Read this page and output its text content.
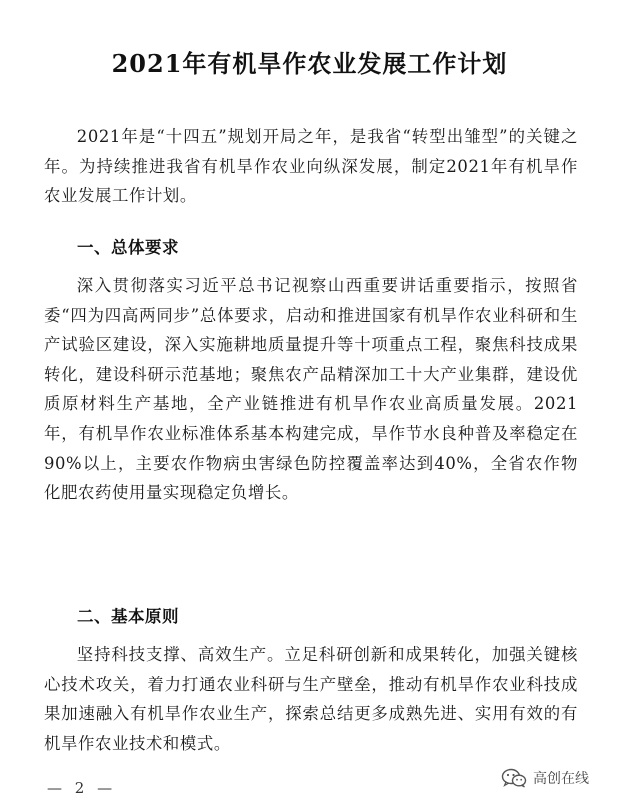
2021年有机旱作农业发展工作计划
2021年是“十四五”规划开局之年，是我省“转型出雏型”的关键之年。为持续推进我省有机旱作农业向纵深发展，制定2021年有机旱作农业发展工作计划。
一、总体要求
深入贯彻落实习近平总书记视察山西重要讲话重要指示，按照省委“四为四高两同步”总体要求，启动和推进国家有机旱作农业科研和生产试验区建设，深入实施耕地质量提升等十项重点工程，聚焦科技成果转化，建设科研示范基地；聚焦农产品精深加工十大产业集群，建设优质原材料生产基地，全产业链推进有机旱作农业高质量发展。2021年，有机旱作农业标准体系基本构建完成，旱作节水良种普及率稳定在90%以上，主要农作物病虫害绿色防控覆盖率达到40%，全省农作物化肥农药使用量实现稳定负增长。
二、基本原则
坚持科技支撑、高效生产。立足科研创新和成果转化，加强关键核心技术攻关，着力打通农业科研与生产壁垒，推动有机旱作农业科技成果加速融入有机旱作农业生产，探索总结更多成熟先进、实用有效的有机旱作农业技术和模式。
— 2 —	高创在线
